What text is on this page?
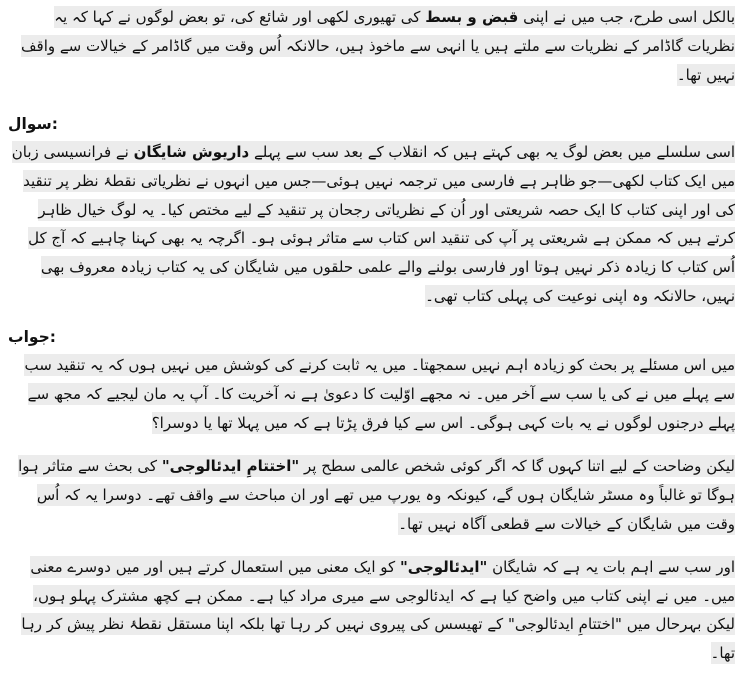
بالکل اسی طرح، جب میں نے اپنی قبض و بسط کی تھیوری لکھی اور شائع کی، تو بعض لوگوں نے کہا کہ یہ نظریات گاڈامر کے نظریات سے ملتے ہیں یا انہی سے ماخوذ ہیں، حالانکہ اُس وقت میں گاڈامر کے خیالات سے واقف نہیں تھا۔

سوال:

اسی سلسلے میں بعض لوگ یہ بھی کہتے ہیں کہ انقلاب کے بعد سب سے پہلے داریوش شایگان نے فرانسیسی زبان میں ایک کتاب لکھی—جو ظاہر ہے فارسی میں ترجمہ نہیں ہوئی—جس میں انہوں نے نظریاتی نقطۂ نظر پر تنقید کی اور اپنی کتاب کا ایک حصہ شریعتی اور اُن کے نظریاتی رجحان پر تنقید کے لیے مختص کیا۔ یہ لوگ خیال ظاہر کرتے ہیں کہ ممکن ہے شریعتی پر آپ کی تنقید اس کتاب سے متاثر ہوئی ہو۔ اگرچہ یہ بھی کہنا چاہیے کہ آج کل اُس کتاب کا زیادہ ذکر نہیں ہوتا اور فارسی بولنے والے علمی حلقوں میں شایگان کی یہ کتاب زیادہ معروف بھی نہیں، حالانکہ وہ اپنی نوعیت کی پہلی کتاب تھی۔

جواب:

میں اس مسئلے پر بحث کو زیادہ اہم نہیں سمجھتا۔ میں یہ ثابت کرنے کی کوشش میں نہیں ہوں کہ یہ تنقید سب سے پہلے میں نے کی یا سب سے آخر میں۔ نہ مجھے اوّلیت کا دعویٰ ہے نہ آخریت کا۔ آپ یہ مان لیجیے کہ مجھ سے پہلے درجنوں لوگوں نے یہ بات کہی ہوگی۔ اس سے کیا فرق پڑتا ہے کہ میں پہلا تھا یا دوسرا؟

لیکن وضاحت کے لیے اتنا کہوں گا کہ اگر کوئی شخص عالمی سطح پر "اختتامِ ایدئالوجی" کی بحث سے متاثر ہوا ہوگا تو غالباً وہ مسٹر شایگان ہوں گے، کیونکہ وہ یورپ میں تھے اور ان مباحث سے واقف تھے۔ دوسرا یہ کہ اُس وقت میں شایگان کے خیالات سے قطعی آگاہ نہیں تھا۔

اور سب سے اہم بات یہ ہے کہ شایگان "ایدئالوجی" کو ایک معنی میں استعمال کرتے ہیں اور میں دوسرے معنی میں۔ میں نے اپنی کتاب میں واضح کیا ہے کہ ایدئالوجی سے میری مراد کیا ہے۔ ممکن ہے کچھ مشترک پہلو ہوں، لیکن بہرحال میں "اختتامِ ایدئالوجی" کے تھیسس کی پیروی نہیں کر رہا تھا بلکہ اپنا مستقل نقطۂ نظر پیش کر رہا تھا۔
